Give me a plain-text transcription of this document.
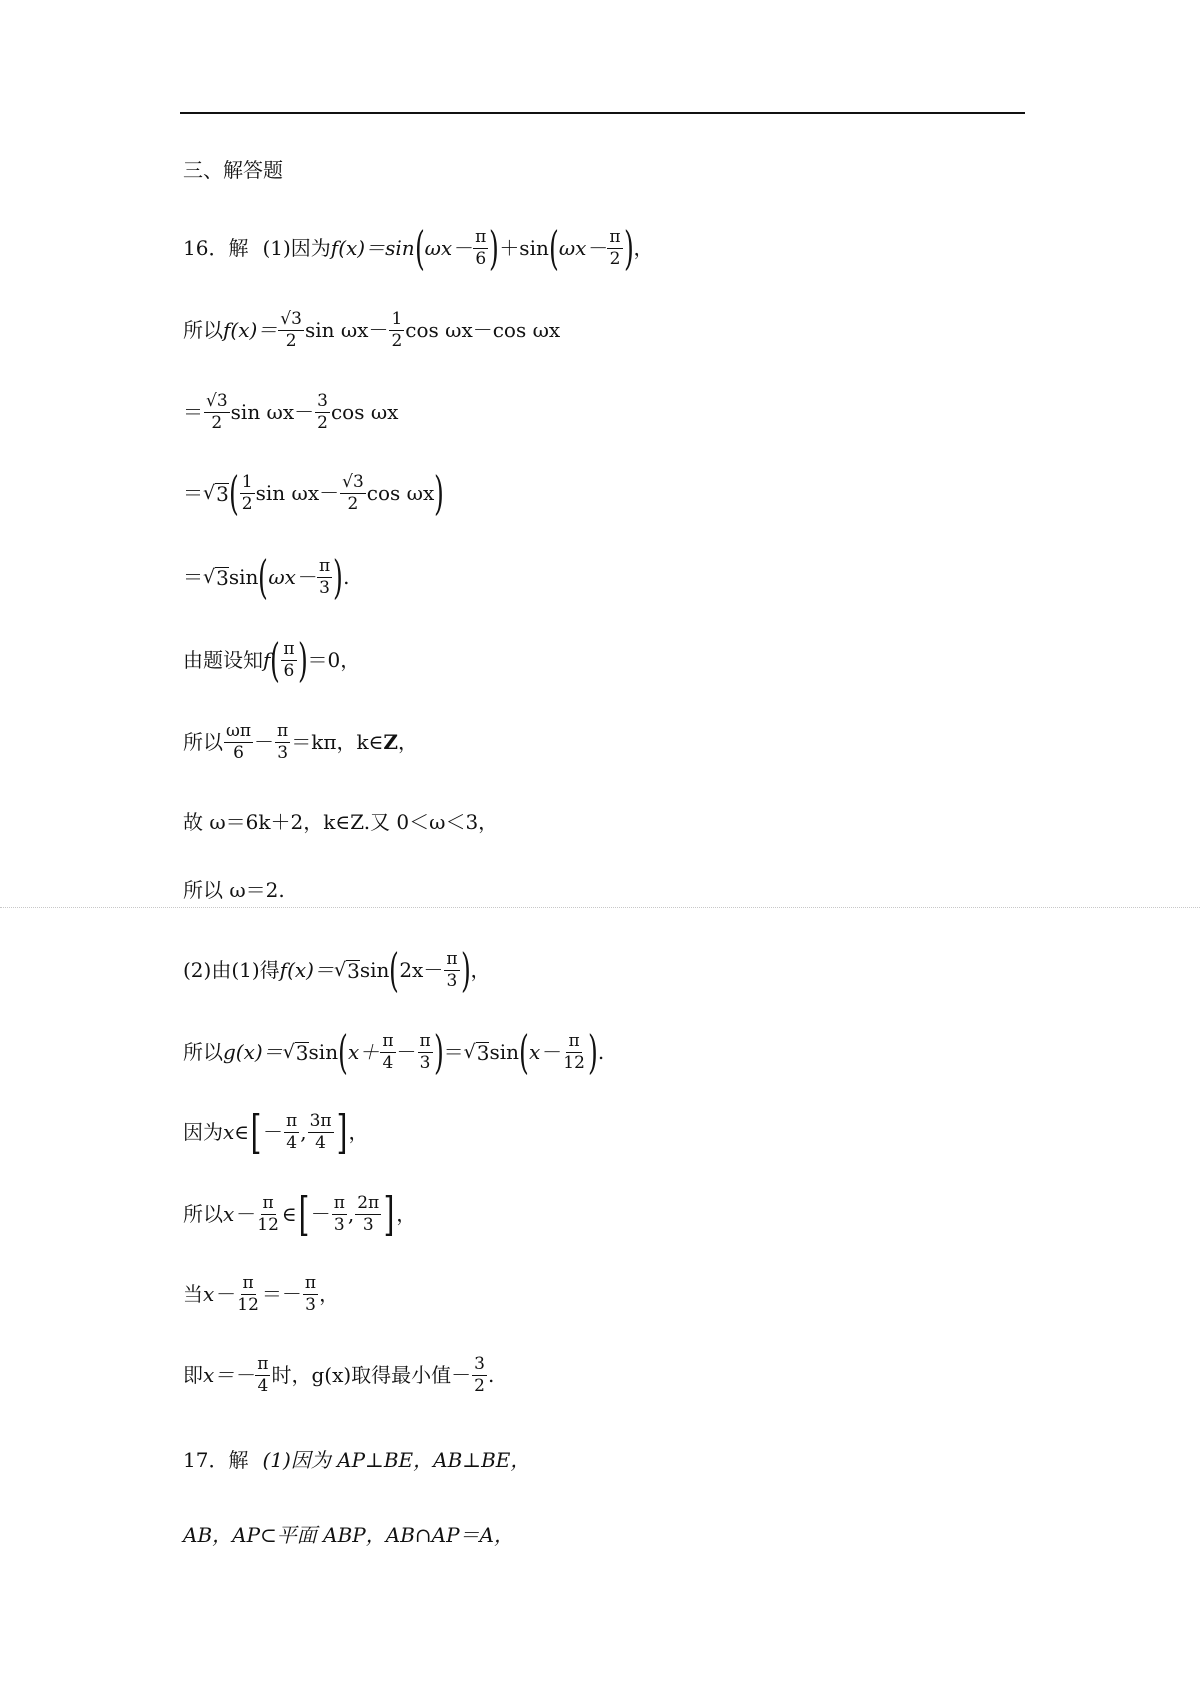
三、解答题
16．解 (1)因为 f(x)＝sin ( $\omega x- \frac{\pi}{6}$ ) ＋sin ( $\omega x- \frac{\pi}{2}$ ) ，
所以 $f(x)= \frac{√3}{2}$ $\sin \omega x- \frac{1}{2}$ cos ωx－cos ωx
＝ $\frac{√3}{2}$ $\sin \omega x- \frac{3}{2}$ cos ωx
＝ √ 3 ( $\frac{1}{2}$ $\sin \omega x- \frac{√3}{2}$ cos ωx )
＝ √ 3 sin ( $\omega x- \frac{\pi}{3}$ ) .
由题设知 f ( $\frac{\pi}{6}$ ) ＝0，
所以 $\frac{\omega\pi}{6} - \frac{\pi}{3} =k\pi$，k∈ Z ，
故 ω＝6k＋2，k∈Z.又 0＜ω＜3，
所以 ω＝2.
(2)由(1)得 f(x)＝ √ 3 sin ( $2x- \frac{\pi}{3}$ ) ，
所以 g(x)＝ √ 3 sin ( $x+ \frac{\pi}{4} - \frac{\pi}{3}$ ) ＝ √ 3 sin ( $x- \frac{\pi}{12}$ ) .
因为 x∈ [ － $\frac{\pi}{4}$ , $\frac{3\pi}{4}$ ] ，
所以 $x- \frac{\pi}{12}$ ∈ [ － $\frac{\pi}{3}$ , $\frac{2\pi}{3}$ ] ，
当 $x- \frac{\pi}{12} =- \frac{\pi}{3}$ ，
即 $x=- \frac{\pi}{4}$ 时，g(x)取得最小值－ $\frac{3}{2}$ .
17．解 (1)因为 AP⊥BE，AB⊥BE，
AB，AP⊂平面 ABP，AB∩AP＝A，
